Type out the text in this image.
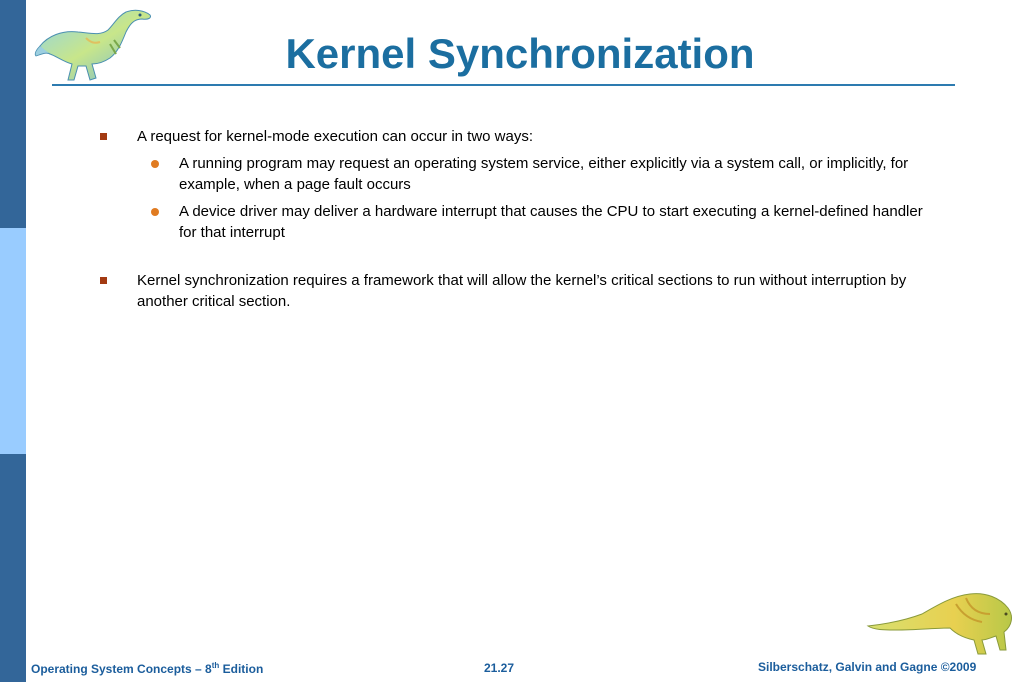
Kernel Synchronization
A request for kernel-mode execution can occur in two ways:
A running program may request an operating system service, either explicitly via a system call, or implicitly, for example, when a page fault occurs
A device driver may deliver a hardware interrupt that causes the CPU to start executing a kernel-defined handler for that interrupt
Kernel synchronization requires a framework that will allow the kernel’s critical sections to run without interruption by another critical section.
Operating System Concepts – 8th Edition	21.27	Silberschatz, Galvin and Gagne ©2009
